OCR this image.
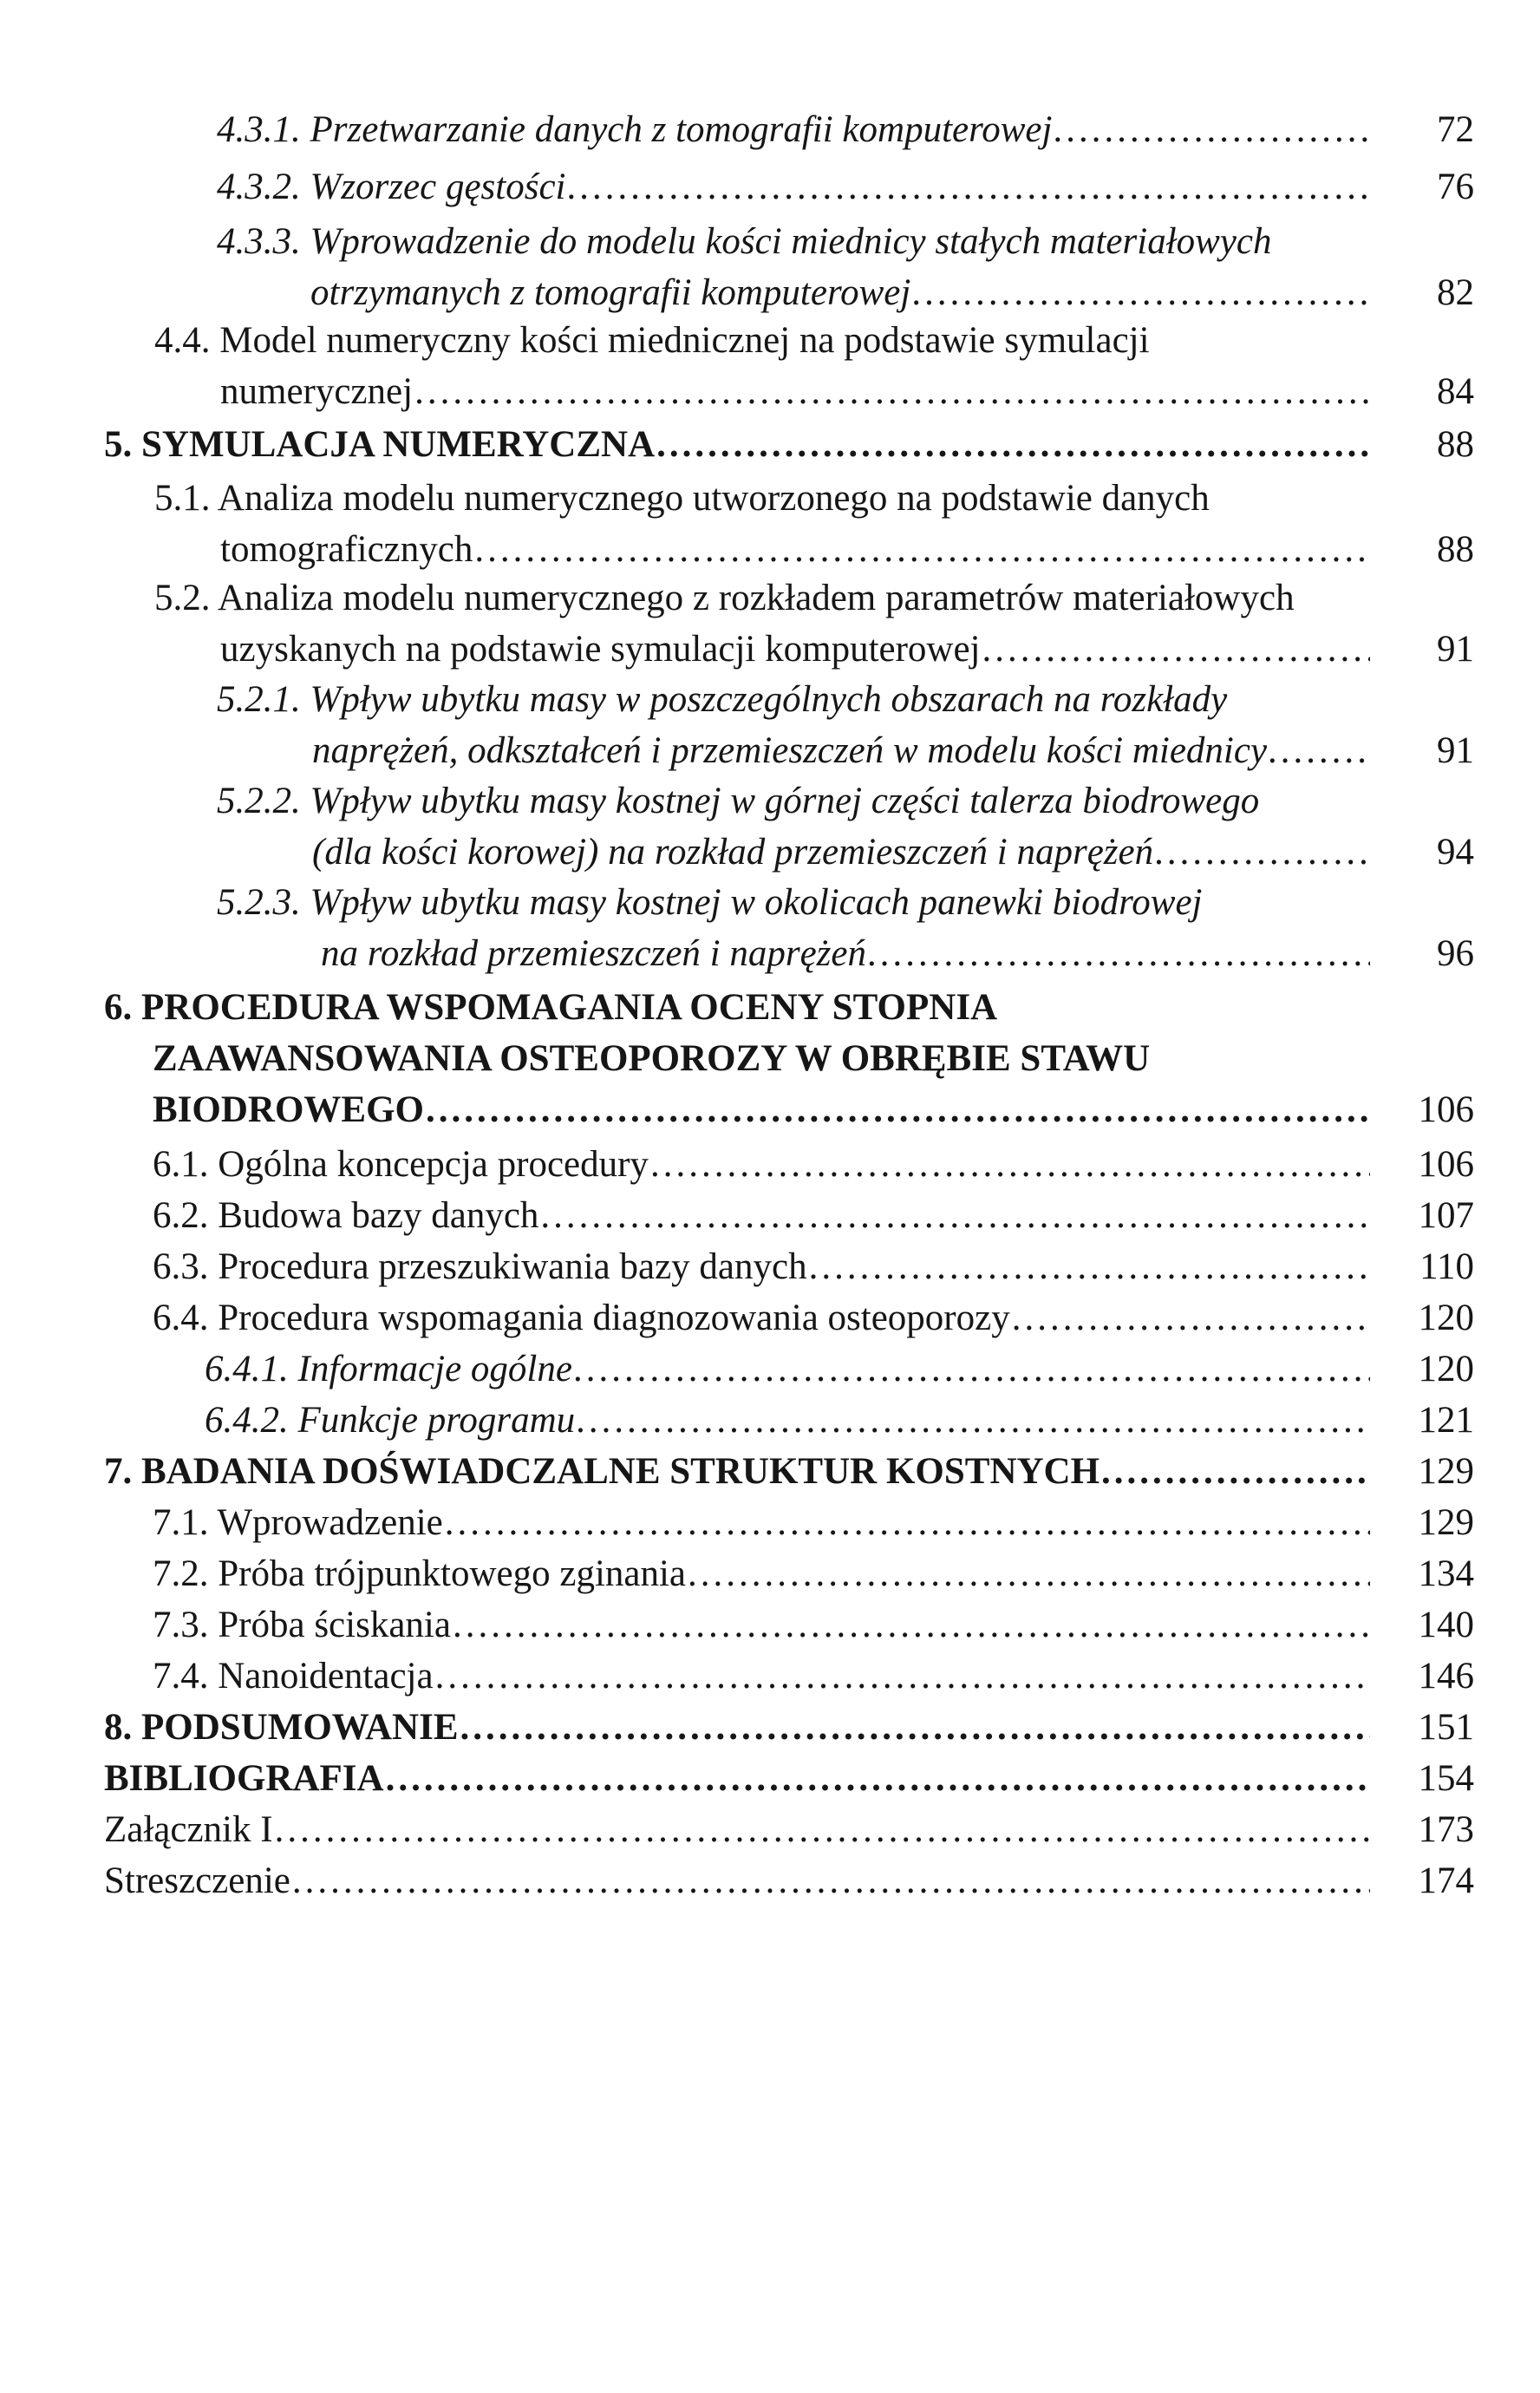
4.3.1. Przetwarzanie danych z tomografii komputerowej .....	72
4.3.2. Wzorzec gęstości .....	76
4.3.3. Wprowadzenie do modelu kości miednicy stałych materiałowych
otrzymanych z tomografii komputerowej .....	82
4.4. Model numeryczny kości miednicznej na podstawie symulacji
numerycznej .....	84
5. SYMULACJA NUMERYCZNA .....	88
5.1. Analiza modelu numerycznego utworzonego na podstawie danych
tomograficznych .....	88
5.2. Analiza modelu numerycznego z rozkładem parametrów materiałowych
uzyskanych na podstawie symulacji komputerowej .....	91
5.2.1. Wpływ ubytku masy w poszczególnych obszarach na rozkłady
naprężeń, odkształceń i przemieszczeń w modelu kości miednicy .....	91
5.2.2. Wpływ ubytku masy kostnej w górnej części talerza biodrowego
(dla kości korowej) na rozkład przemieszczeń i naprężeń .....	94
5.2.3. Wpływ ubytku masy kostnej w okolicach panewki biodrowej
na rozkład przemieszczeń i naprężeń .....	96
6. PROCEDURA WSPOMAGANIA OCENY STOPNIA
ZAAWANSOWANIA OSTEOPOROZY W OBRĘBIE STAWU
BIODROWEGO .....	106
6.1. Ogólna koncepcja procedury .....	106
6.2. Budowa bazy danych .....	107
6.3. Procedura przeszukiwania bazy danych .....	110
6.4. Procedura wspomagania diagnozowania osteoporozy .....	120
6.4.1. Informacje ogólne .....	120
6.4.2. Funkcje programu .....	121
7. BADANIA DOŚWIADCZALNE STRUKTUR KOSTNYCH .....	129
7.1. Wprowadzenie .....	129
7.2. Próba trójpunktowego zginania .....	134
7.3. Próba ściskania .....	140
7.4. Nanoidentacja .....	146
8. PODSUMOWANIE .....	151
BIBLIOGRAFIA .....	154
Załącznik I .....	173
Streszczenie .....	174
